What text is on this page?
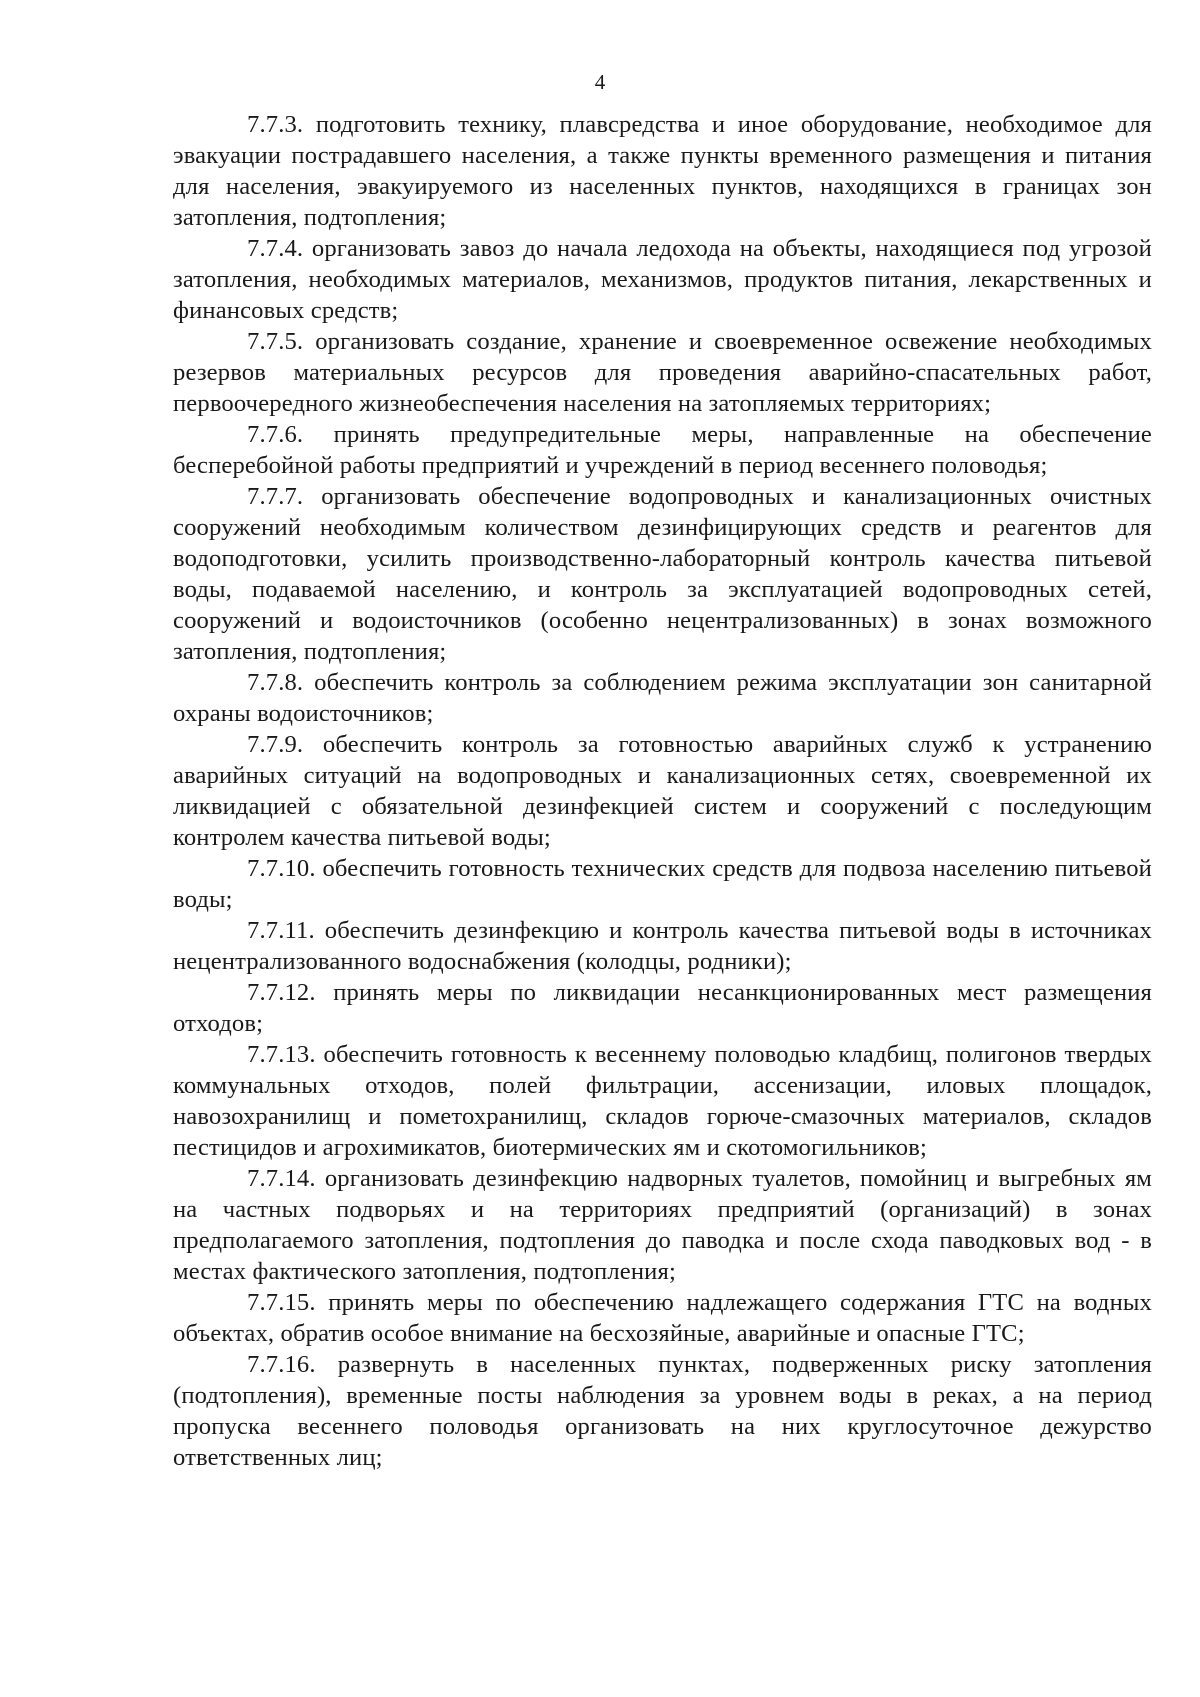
4

7.7.3. подготовить технику, плавсредства и иное оборудование, необходимое для эвакуации пострадавшего населения, а также пункты временного размещения и питания для населения, эвакуируемого из населенных пунктов, находящихся в границах зон затопления, подтопления;

7.7.4. организовать завоз до начала ледохода на объекты, находящиеся под угрозой затопления, необходимых материалов, механизмов, продуктов питания, лекарственных и финансовых средств;

7.7.5. организовать создание, хранение и своевременное освежение необходимых резервов материальных ресурсов для проведения аварийно-спасательных работ, первоочередного жизнеобеспечения населения на затопляемых территориях;

7.7.6. принять предупредительные меры, направленные на обеспечение бесперебойной работы предприятий и учреждений в период весеннего половодья;

7.7.7. организовать обеспечение водопроводных и канализационных очистных сооружений необходимым количеством дезинфицирующих средств и реагентов для водоподготовки, усилить производственно-лабораторный контроль качества питьевой воды, подаваемой населению, и контроль за эксплуатацией водопроводных сетей, сооружений и водоисточников (особенно нецентрализованных) в зонах возможного затопления, подтопления;

7.7.8. обеспечить контроль за соблюдением режима эксплуатации зон санитарной охраны водоисточников;

7.7.9. обеспечить контроль за готовностью аварийных служб к устранению аварийных ситуаций на водопроводных и канализационных сетях, своевременной их ликвидацией с обязательной дезинфекцией систем и сооружений с последующим контролем качества питьевой воды;

7.7.10. обеспечить готовность технических средств для подвоза населению питьевой воды;

7.7.11. обеспечить дезинфекцию и контроль качества питьевой воды в источниках нецентрализованного водоснабжения (колодцы, родники);

7.7.12. принять меры по ликвидации несанкционированных мест размещения отходов;

7.7.13. обеспечить готовность к весеннему половодью кладбищ, полигонов твердых коммунальных отходов, полей фильтрации, ассенизации, иловых площадок, навозохранилищ и пометохранилищ, складов горюче-смазочных материалов, складов пестицидов и агрохимикатов, биотермических ям и скотомогильников;

7.7.14. организовать дезинфекцию надворных туалетов, помойниц и выгребных ям на частных подворьях и на территориях предприятий (организаций) в зонах предполагаемого затопления, подтопления до паводка и после схода паводковых вод - в местах фактического затопления, подтопления;

7.7.15. принять меры по обеспечению надлежащего содержания ГТС на водных объектах, обратив особое внимание на бесхозяйные, аварийные и опасные ГТС;

7.7.16. развернуть в населенных пунктах, подверженных риску затопления (подтопления), временные посты наблюдения за уровнем воды в реках, а на период пропуска весеннего половодья организовать на них круглосуточное дежурство ответственных лиц;
